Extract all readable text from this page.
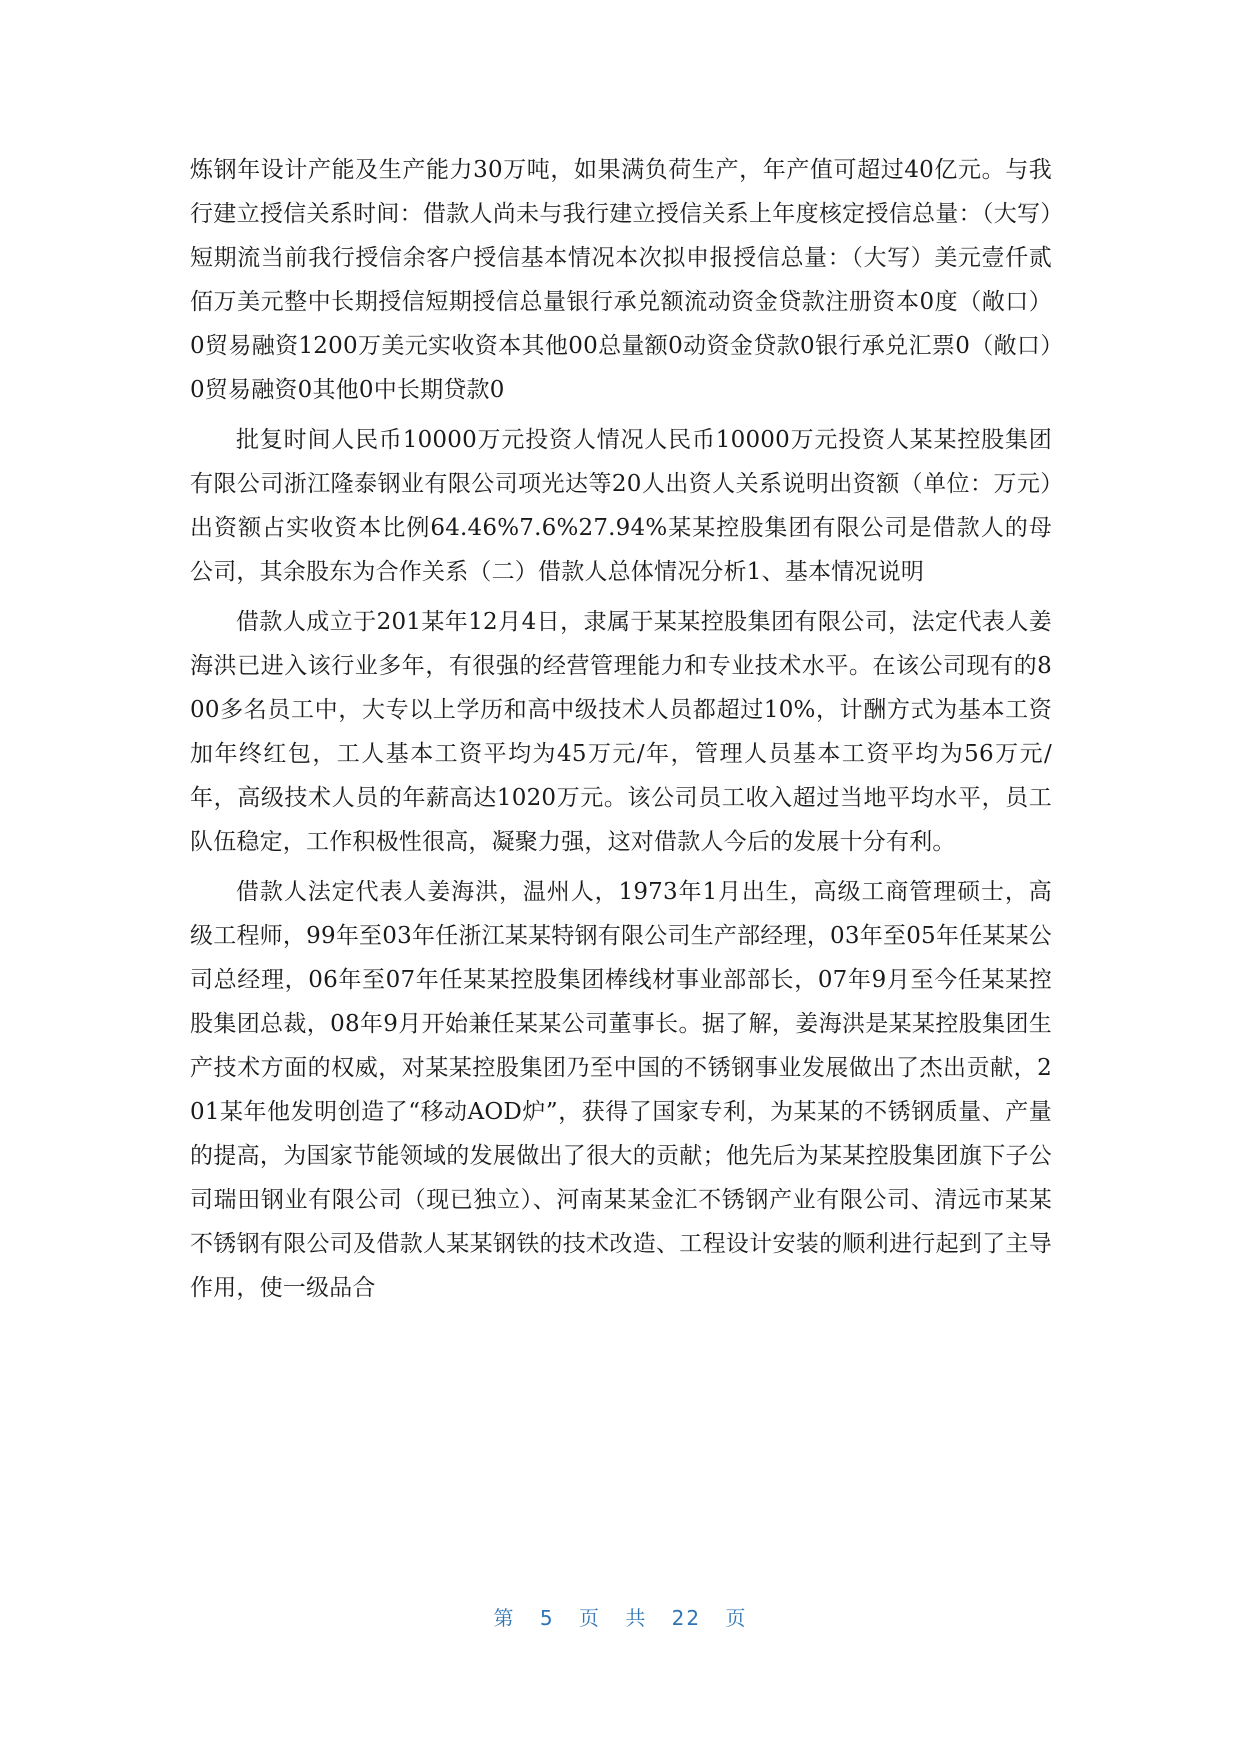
炼钢年设计产能及生产能力30万吨，如果满负荷生产，年产值可超过40亿元。与我行建立授信关系时间：借款人尚未与我行建立授信关系上年度核定授信总量：（大写）短期流当前我行授信余客户授信基本情况本次拟申报授信总量：（大写）美元壹仟贰佰万美元整中长期授信短期授信总量银行承兑额流动资金贷款注册资本0度（敞口）0贸易融资1200万美元实收资本其他00总量额0动资金贷款0银行承兑汇票0（敞口）0贸易融资0其他0中长期贷款0

批复时间人民币10000万元投资人情况人民币10000万元投资人某某控股集团有限公司浙江隆泰钢业有限公司项光达等20人出资人关系说明出资额（单位：万元）出资额占实收资本比例64.46%7.6%27.94%某某控股集团有限公司是借款人的母公司，其余股东为合作关系（二）借款人总体情况分析1、基本情况说明

借款人成立于201某年12月4日，隶属于某某控股集团有限公司，法定代表人姜海洪已进入该行业多年，有很强的经营管理能力和专业技术水平。在该公司现有的800多名员工中，大专以上学历和高中级技术人员都超过10%，计酬方式为基本工资加年终红包，工人基本工资平均为45万元/年，管理人员基本工资平均为56万元/年，高级技术人员的年薪高达1020万元。该公司员工收入超过当地平均水平，员工队伍稳定，工作积极性很高，凝聚力强，这对借款人今后的发展十分有利。

借款人法定代表人姜海洪，温州人，1973年1月出生，高级工商管理硕士，高级工程师，99年至03年任浙江某某特钢有限公司生产部经理，03年至05年任某某公司总经理，06年至07年任某某控股集团棒线材事业部部长，07年9月至今任某某控股集团总裁，08年9月开始兼任某某公司董事长。据了解，姜海洪是某某控股集团生产技术方面的权威，对某某控股集团乃至中国的不锈钢事业发展做出了杰出贡献，201某年他发明创造了“移动AOD炉”，获得了国家专利，为某某的不锈钢质量、产量的提高，为国家节能领域的发展做出了很大的贡献；他先后为某某控股集团旗下子公司瑞田钢业有限公司（现已独立）、河南某某金汇不锈钢产业有限公司、清远市某某不锈钢有限公司及借款人某某钢铁的技术改造、工程设计安装的顺利进行起到了主导作用，使一级品合

第 5 页 共 22 页
